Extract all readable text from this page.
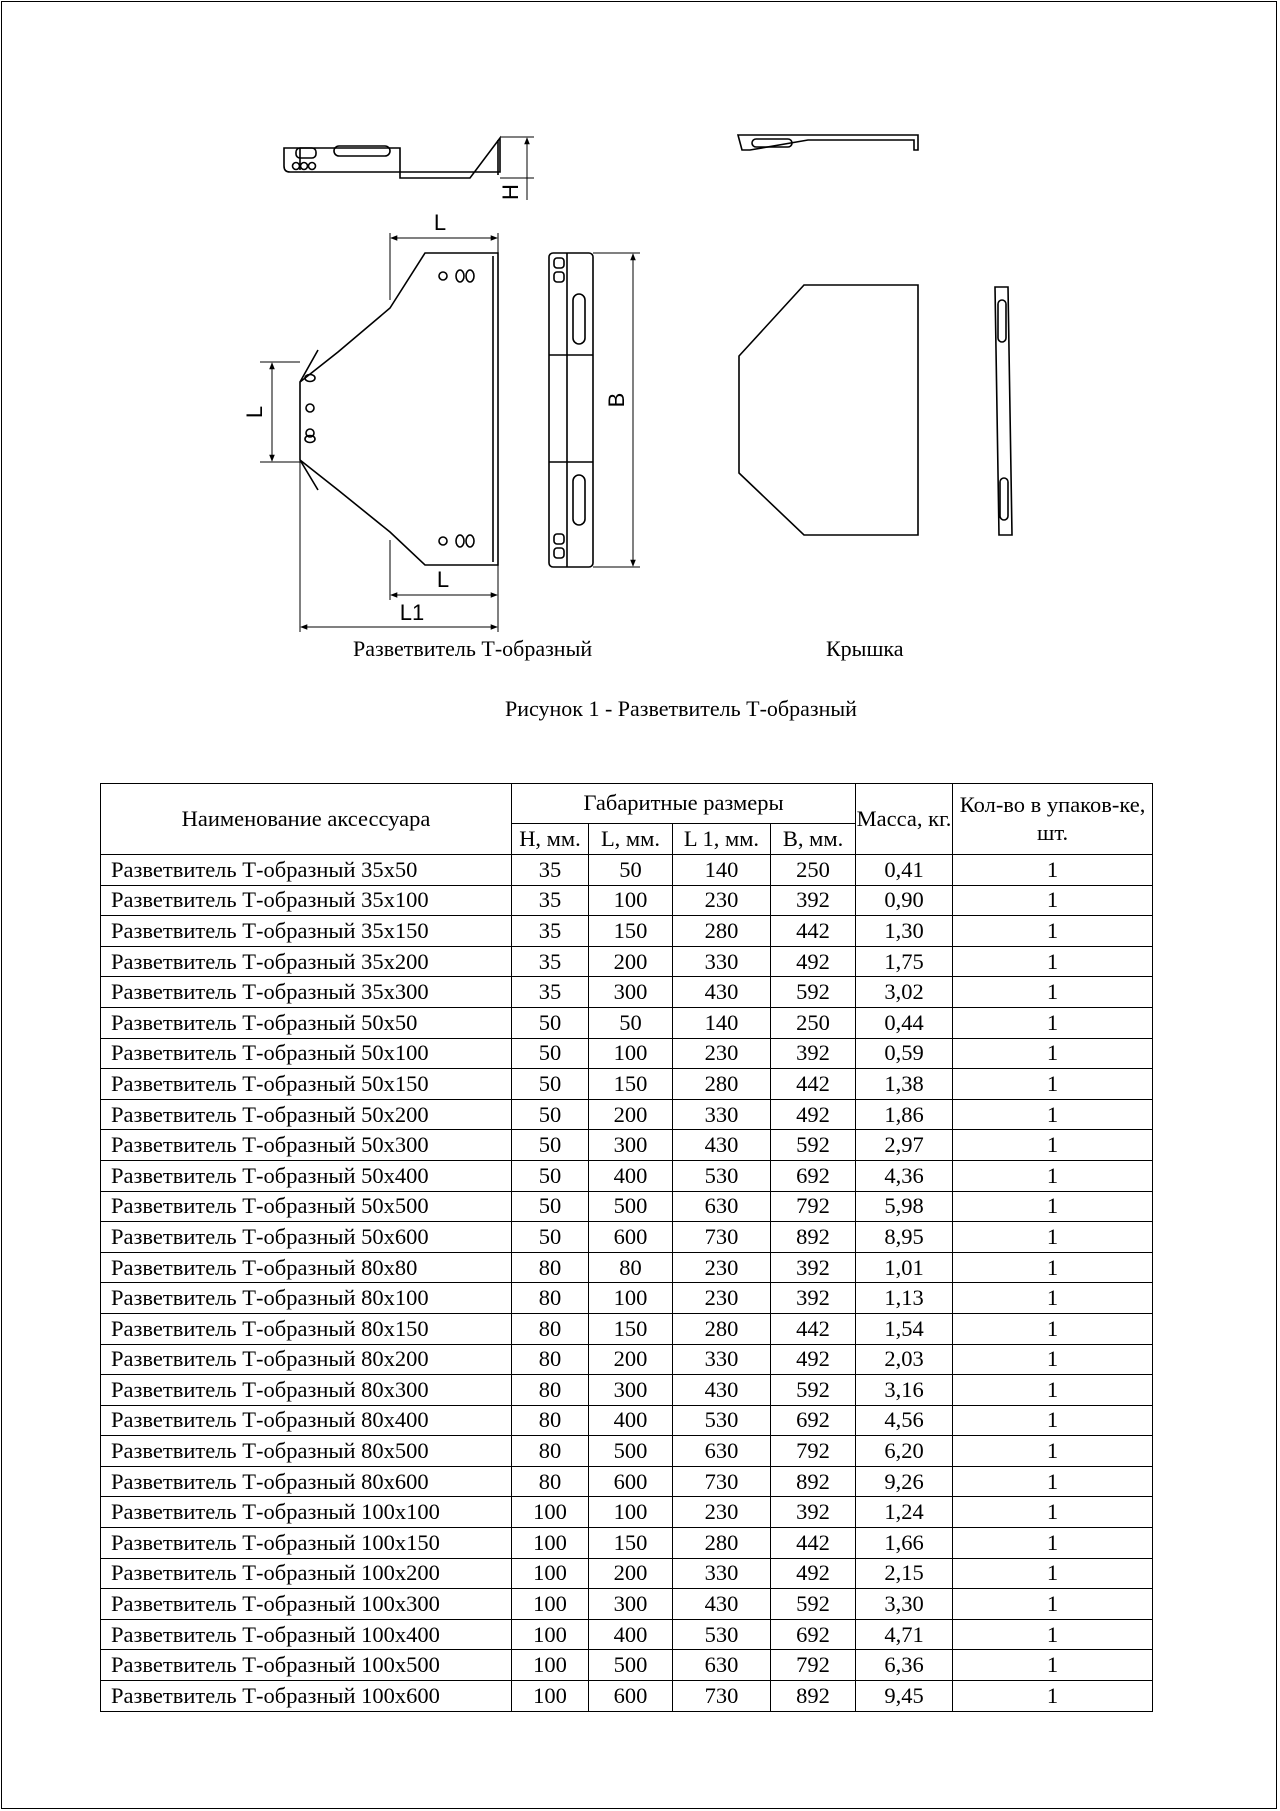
L
L
L
L1
H
B
Разветвитель Т-образный	Крышка
Рисунок 1 - Разветвитель Т-образный
Наименование аксессуара	Габаритные размеры				Масса, кг.	Кол-во в упаков-ке, шт.
	H, мм.	L, мм.	L 1, мм.	B, мм.		
Разветвитель Т-образный 35х50	35	50	140	250	0,41	1
Разветвитель Т-образный 35х100	35	100	230	392	0,90	1
Разветвитель Т-образный 35х150	35	150	280	442	1,30	1
Разветвитель Т-образный 35х200	35	200	330	492	1,75	1
Разветвитель Т-образный 35х300	35	300	430	592	3,02	1
Разветвитель Т-образный 50х50	50	50	140	250	0,44	1
Разветвитель Т-образный 50х100	50	100	230	392	0,59	1
Разветвитель Т-образный 50х150	50	150	280	442	1,38	1
Разветвитель Т-образный 50х200	50	200	330	492	1,86	1
Разветвитель Т-образный 50х300	50	300	430	592	2,97	1
Разветвитель Т-образный 50х400	50	400	530	692	4,36	1
Разветвитель Т-образный 50х500	50	500	630	792	5,98	1
Разветвитель Т-образный 50х600	50	600	730	892	8,95	1
Разветвитель Т-образный 80х80	80	80	230	392	1,01	1
Разветвитель Т-образный 80х100	80	100	230	392	1,13	1
Разветвитель Т-образный 80х150	80	150	280	442	1,54	1
Разветвитель Т-образный 80х200	80	200	330	492	2,03	1
Разветвитель Т-образный 80х300	80	300	430	592	3,16	1
Разветвитель Т-образный 80х400	80	400	530	692	4,56	1
Разветвитель Т-образный 80х500	80	500	630	792	6,20	1
Разветвитель Т-образный 80х600	80	600	730	892	9,26	1
Разветвитель Т-образный 100х100	100	100	230	392	1,24	1
Разветвитель Т-образный 100х150	100	150	280	442	1,66	1
Разветвитель Т-образный 100х200	100	200	330	492	2,15	1
Разветвитель Т-образный 100х300	100	300	430	592	3,30	1
Разветвитель Т-образный 100х400	100	400	530	692	4,71	1
Разветвитель Т-образный 100х500	100	500	630	792	6,36	1
Разветвитель Т-образный 100х600	100	600	730	892	9,45	1
